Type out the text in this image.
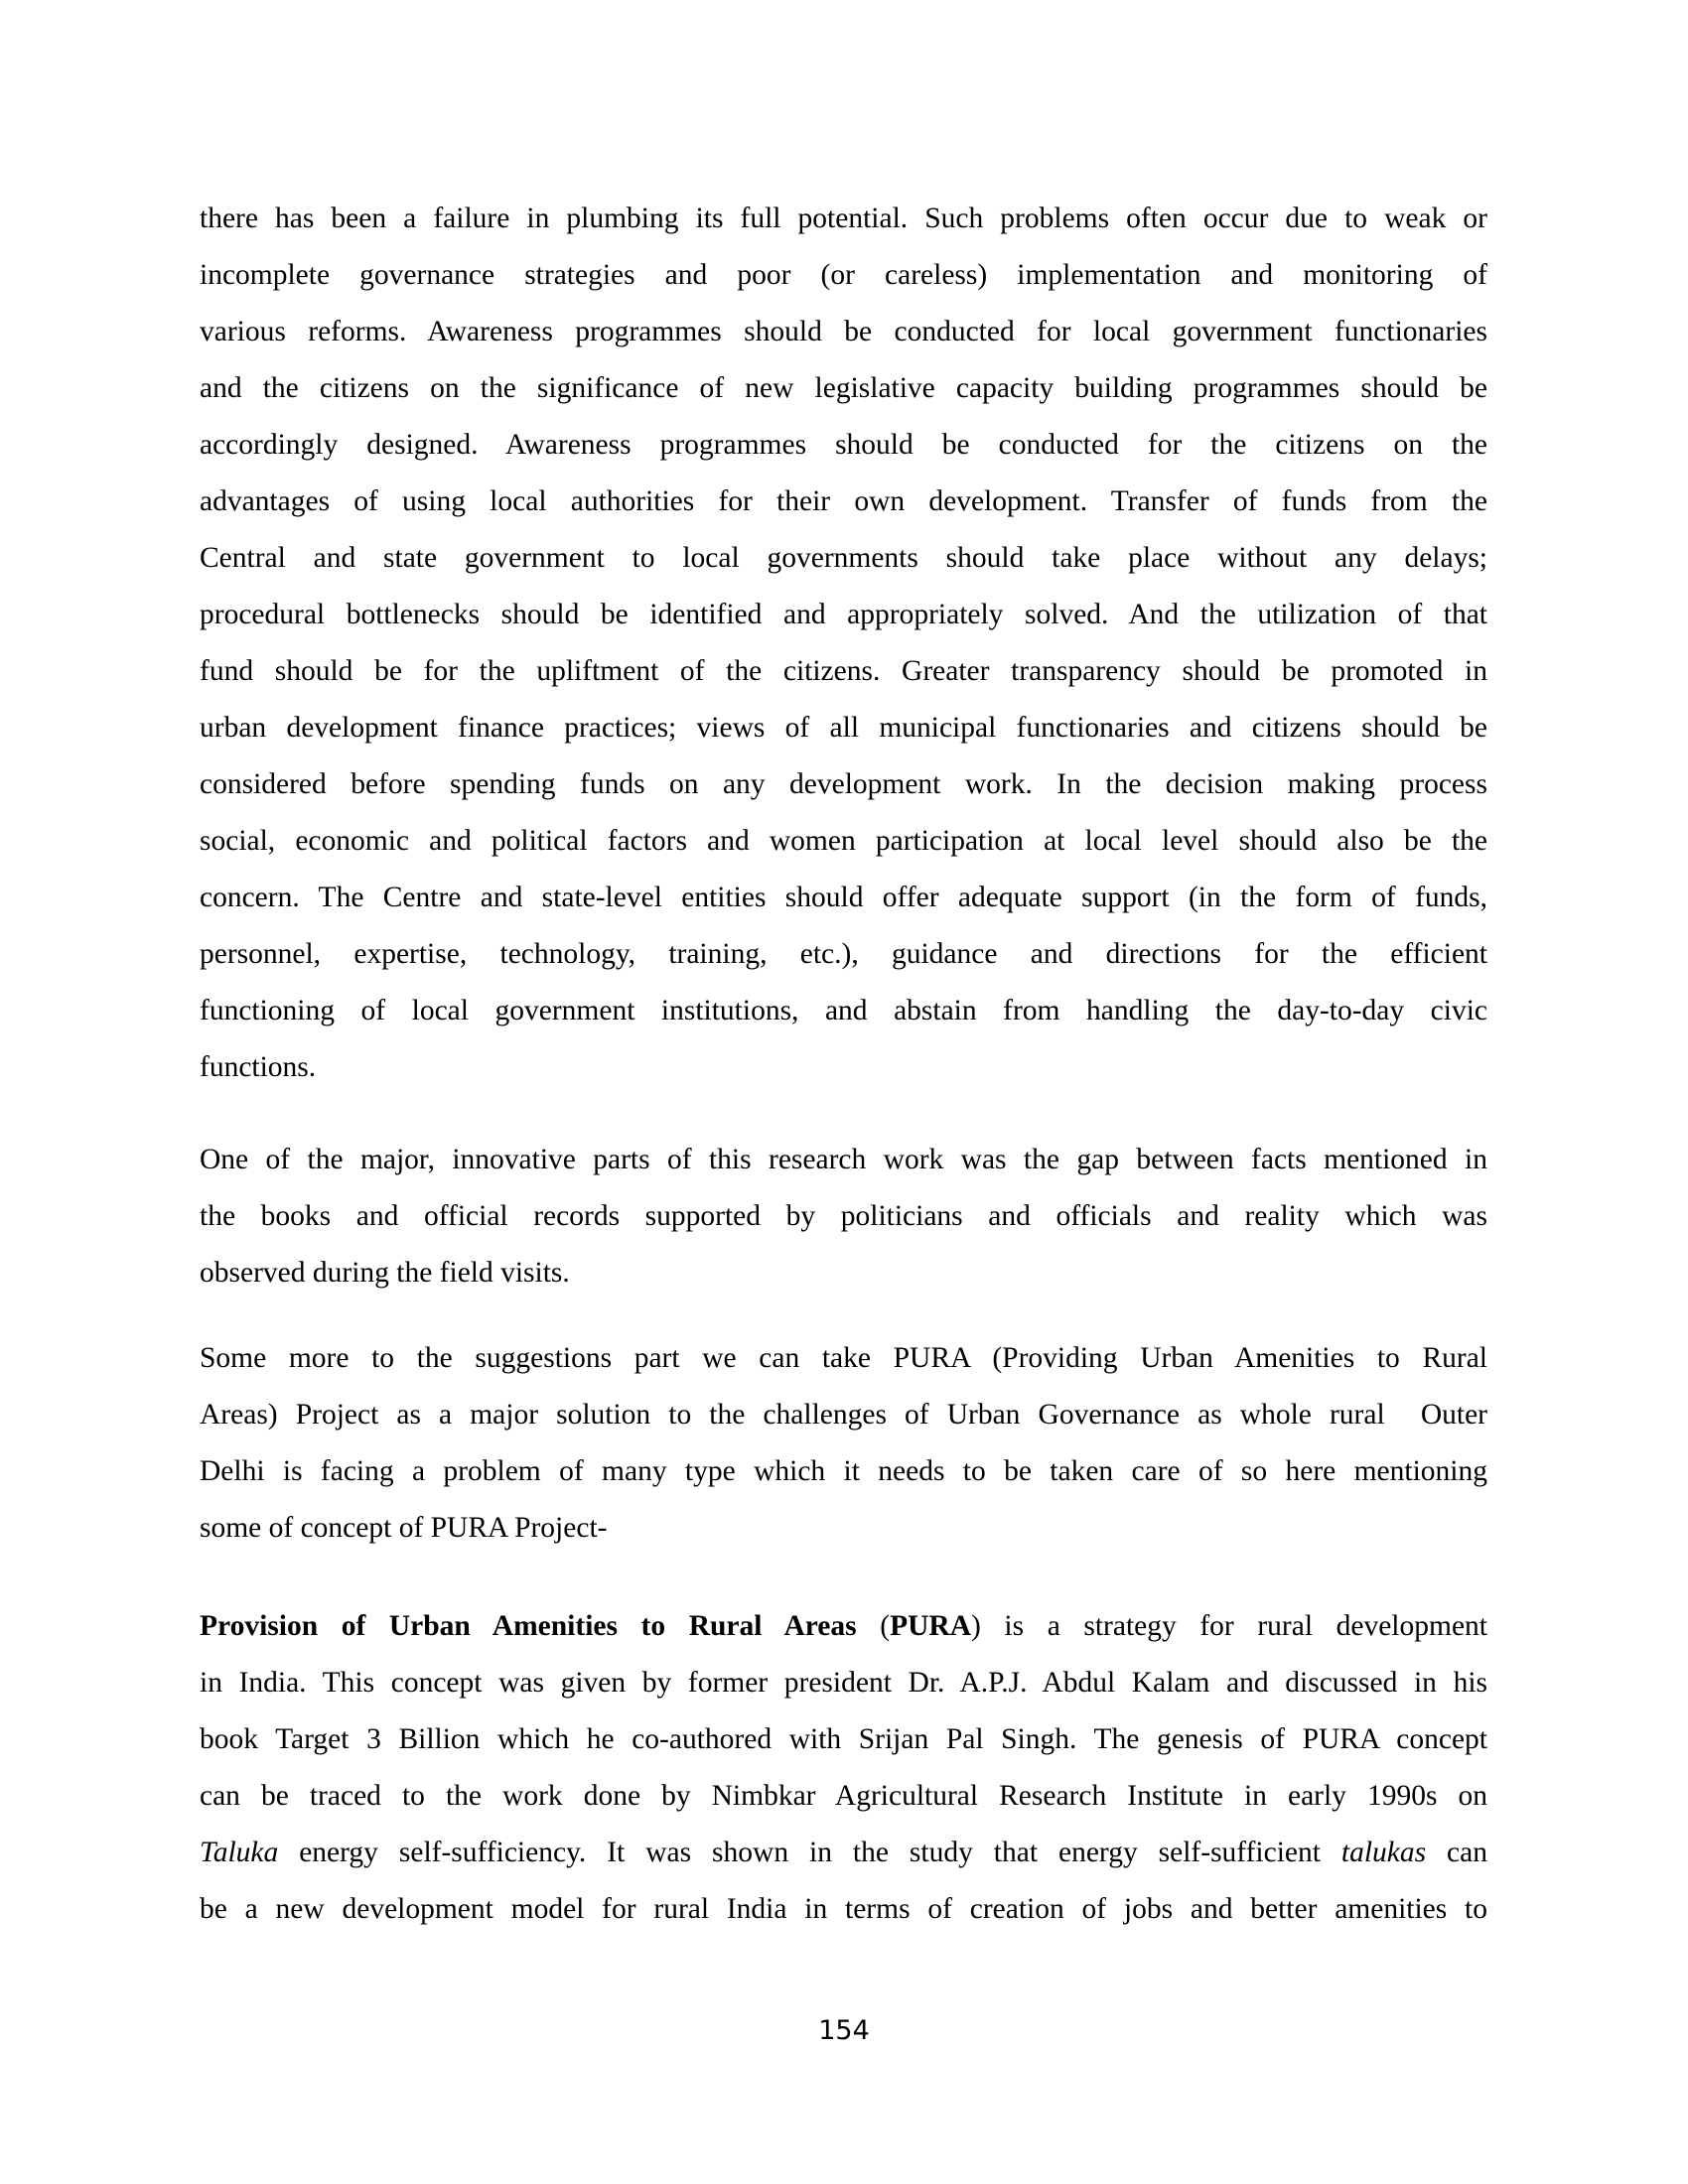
there has been a failure in plumbing its full potential. Such problems often occur due to weak or
incomplete governance strategies and poor (or careless) implementation and monitoring of
various reforms. Awareness programmes should be conducted for local government functionaries
and the citizens on the significance of new legislative capacity building programmes should be
accordingly designed. Awareness programmes should be conducted for the citizens on the
advantages of using local authorities for their own development. Transfer of funds from the
Central and state government to local governments should take place without any delays;
procedural bottlenecks should be identified and appropriately solved. And the utilization of that
fund should be for the upliftment of the citizens. Greater transparency should be promoted in
urban development finance practices; views of all municipal functionaries and citizens should be
considered before spending funds on any development work. In the decision making process
social, economic and political factors and women participation at local level should also be the
concern. The Centre and state-level entities should offer adequate support (in the form of funds,
personnel, expertise, technology, training, etc.), guidance and directions for the efficient
functioning of local government institutions, and abstain from handling the day-to-day civic
functions.
One of the major, innovative parts of this research work was the gap between facts mentioned in
the books and official records supported by politicians and officials and reality which was
observed during the field visits.
Some more to the suggestions part we can take PURA (Providing Urban Amenities to Rural
Areas) Project as a major solution to the challenges of Urban Governance as whole rural  Outer
Delhi is facing a problem of many type which it needs to be taken care of so here mentioning
some of concept of PURA Project-
Provision of Urban Amenities to Rural Areas (PURA) is a strategy for rural development
in India. This concept was given by former president Dr. A.P.J. Abdul Kalam and discussed in his
book Target 3 Billion which he co-authored with Srijan Pal Singh. The genesis of PURA concept
can be traced to the work done by Nimbkar Agricultural Research Institute in early 1990s on
Taluka energy self-sufficiency. It was shown in the study that energy self-sufficient talukas can
be a new development model for rural India in terms of creation of jobs and better amenities to
154
